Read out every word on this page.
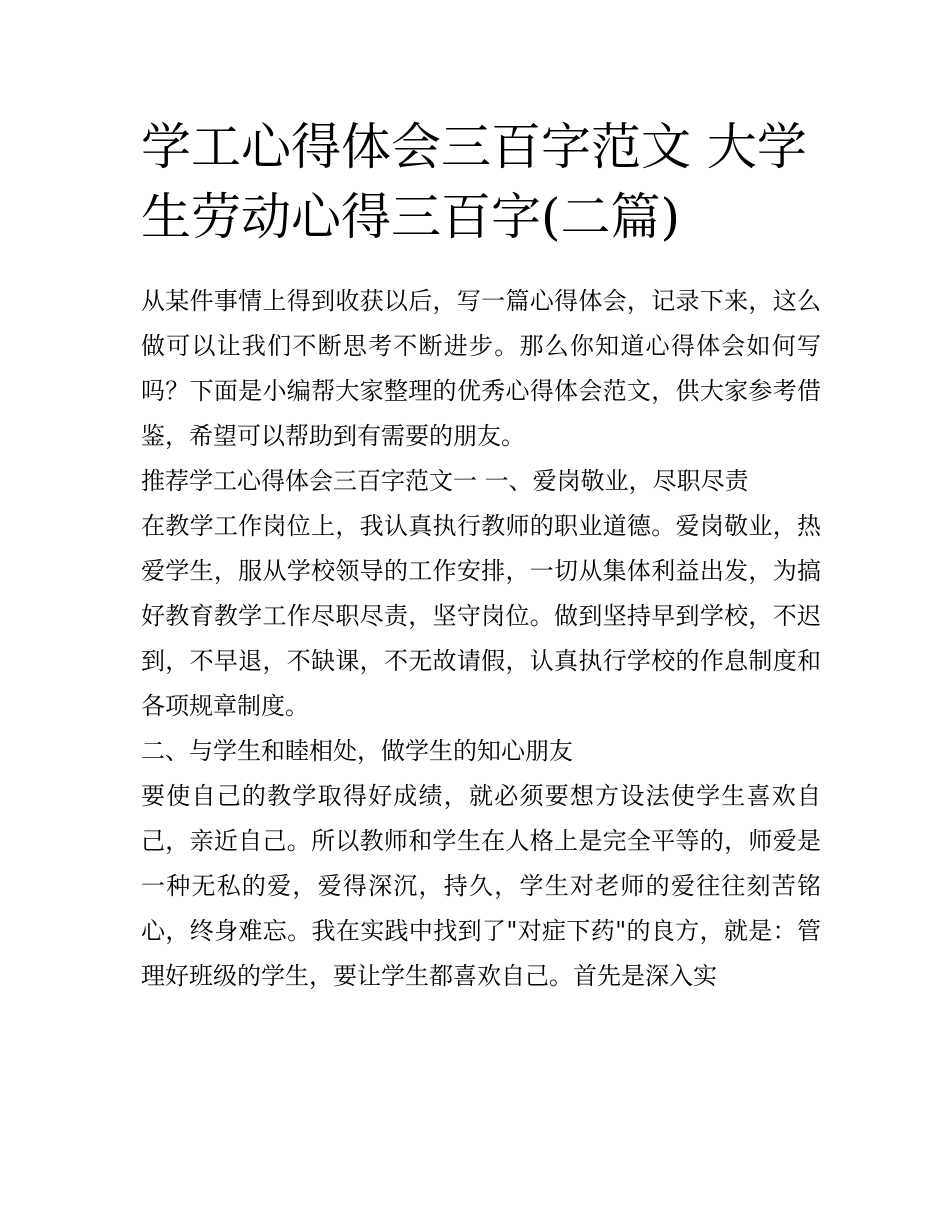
学工心得体会三百字范文 大学生劳动心得三百字(二篇)

从某件事情上得到收获以后，写一篇心得体会，记录下来，这么做可以让我们不断思考不断进步。那么你知道心得体会如何写吗？下面是小编帮大家整理的优秀心得体会范文，供大家参考借鉴，希望可以帮助到有需要的朋友。

推荐学工心得体会三百字范文一 一、爱岗敬业，尽职尽责

在教学工作岗位上，我认真执行教师的职业道德。爱岗敬业，热爱学生，服从学校领导的工作安排，一切从集体利益出发，为搞好教育教学工作尽职尽责，坚守岗位。做到坚持早到学校，不迟到，不早退，不缺课，不无故请假，认真执行学校的作息制度和各项规章制度。

二、与学生和睦相处，做学生的知心朋友

要使自己的教学取得好成绩，就必须要想方设法使学生喜欢自己，亲近自己。所以教师和学生在人格上是完全平等的，师爱是一种无私的爱，爱得深沉，持久，学生对老师的爱往往刻苦铭心，终身难忘。我在实践中找到了"对症下药"的良方，就是：管理好班级的学生，要让学生都喜欢自己。首先是深入实
